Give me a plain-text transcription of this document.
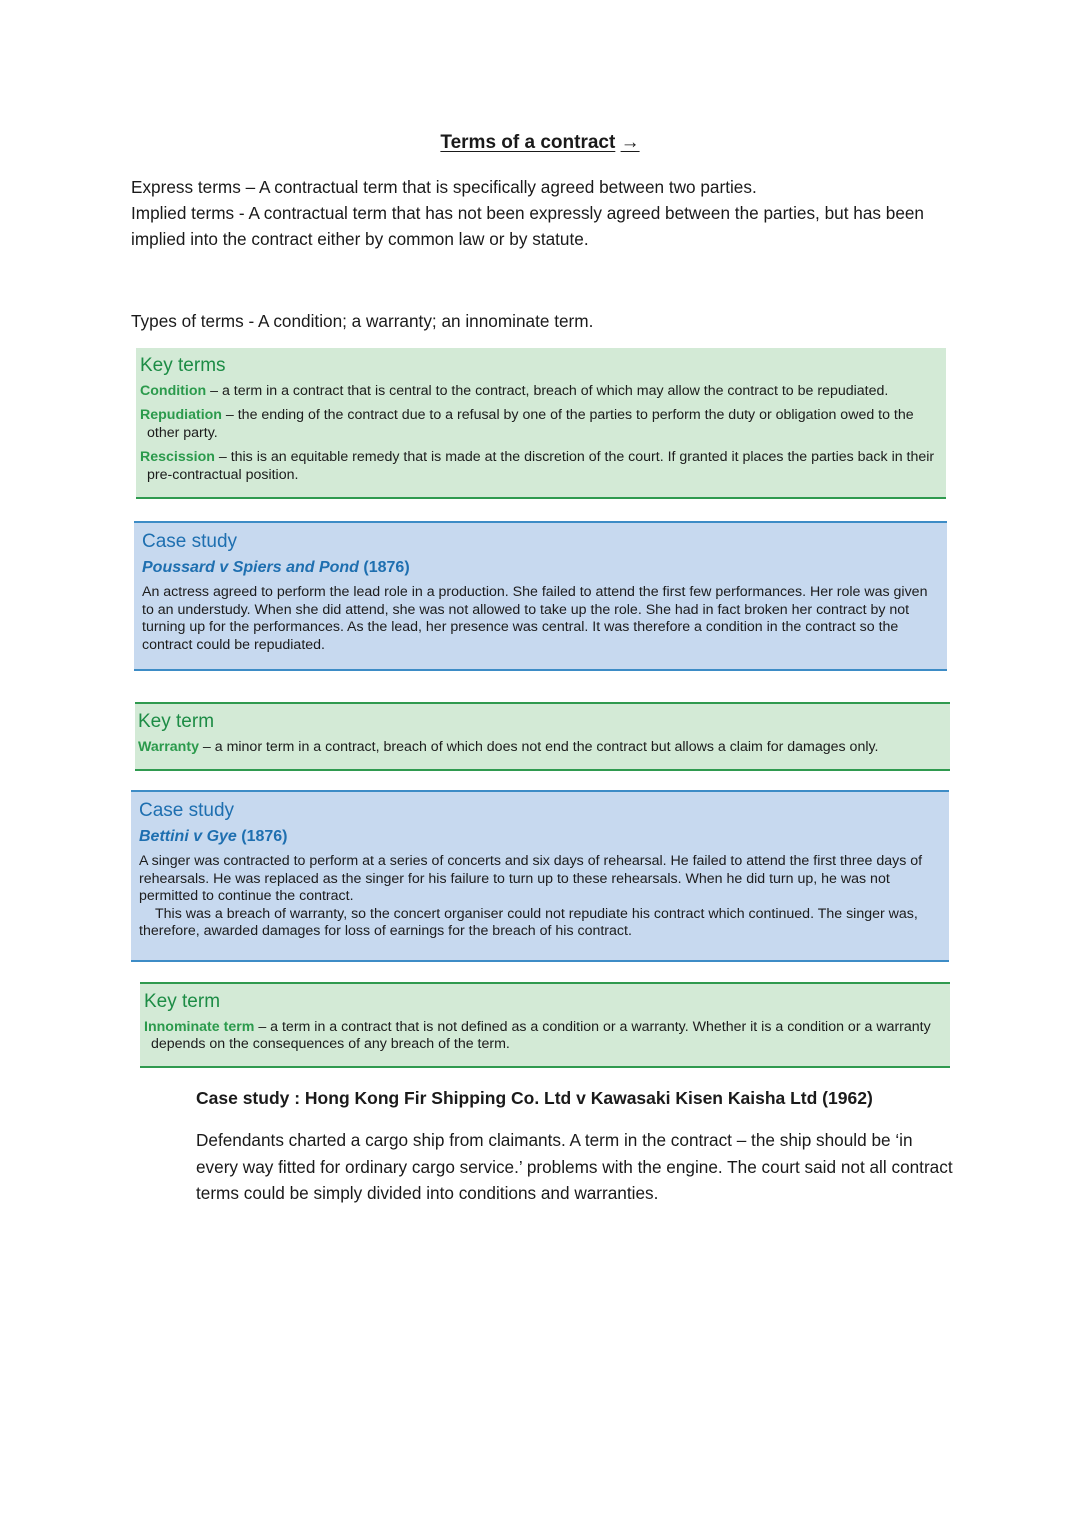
Terms of a contract →
Express terms – A contractual term that is specifically agreed between two parties.
Implied terms - A contractual term that has not been expressly agreed between the parties, but has been implied into the contract either by common law or by statute.
Types of terms - A condition; a warranty; an innominate term.
Key terms

Condition – a term in a contract that is central to the contract, breach of which may allow the contract to be repudiated.

Repudiation – the ending of the contract due to a refusal by one of the parties to perform the duty or obligation owed to the other party.

Rescission – this is an equitable remedy that is made at the discretion of the court. If granted it places the parties back in their pre-contractual position.

Case study
Poussard v Spiers and Pond (1876)

An actress agreed to perform the lead role in a production. She failed to attend the first few performances. Her role was given to an understudy. When she did attend, she was not allowed to take up the role. She had in fact broken her contract by not turning up for the performances. As the lead, her presence was central. It was therefore a condition in the contract so the contract could be repudiated.

Key term

Warranty – a minor term in a contract, breach of which does not end the contract but allows a claim for damages only.

Case study
Bettini v Gye (1876)

A singer was contracted to perform at a series of concerts and six days of rehearsal. He failed to attend the first three days of rehearsals. He was replaced as the singer for his failure to turn up to these rehearsals. When he did turn up, he was not permitted to continue the contract.

This was a breach of warranty, so the concert organiser could not repudiate his contract which continued. The singer was, therefore, awarded damages for loss of earnings for the breach of his contract.

Key term

Innominate term – a term in a contract that is not defined as a condition or a warranty. Whether it is a condition or a warranty depends on the consequences of any breach of the term.

Case study : Hong Kong Fir Shipping Co. Ltd v Kawasaki Kisen Kaisha Ltd (1962)
Defendants charted a cargo ship from claimants. A term in the contract – the ship should be ‘in every way fitted for ordinary cargo service.’ problems with the engine. The court said not all contract terms could be simply divided into conditions and warranties.
